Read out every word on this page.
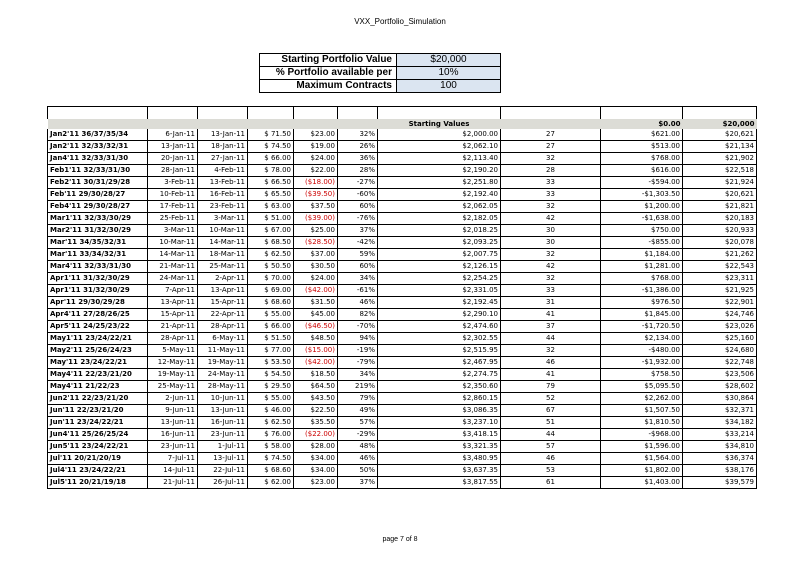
VXX_Portfolio_Simulation
Starting Portfolio Value	$20,000
% Portfolio available per	10%
Maximum Contracts	100

						Starting Values		$0.00	$20,000
Jan2'11 36/37/35/34	6-Jan-11	13-Jan-11	$ 71.50	$23.00	32%	$2,000.00	27	$621.00	$20,621
Jan2'11 32/33/32/31	13-Jan-11	18-Jan-11	$ 74.50	$19.00	26%	$2,062.10	27	$513.00	$21,134
Jan4'11 32/33/31/30	20-Jan-11	27-Jan-11	$ 66.00	$24.00	36%	$2,113.40	32	$768.00	$21,902
Feb1'11 32/33/31/30	28-Jan-11	4-Feb-11	$ 78.00	$22.00	28%	$2,190.20	28	$616.00	$22,518
Feb2'11 30/31/29/28	3-Feb-11	13-Feb-11	$ 66.50	($18.00)	-27%	$2,251.80	33	-$594.00	$21,924
Feb'11 29/30/28/27	10-Feb-11	16-Feb-11	$ 65.50	($39.50)	-60%	$2,192.40	33	-$1,303.50	$20,621
Feb4'11 29/30/28/27	17-Feb-11	23-Feb-11	$ 63.00	$37.50	60%	$2,062.05	32	$1,200.00	$21,821
Mar1'11 32/33/30/29	25-Feb-11	3-Mar-11	$ 51.00	($39.00)	-76%	$2,182.05	42	-$1,638.00	$20,183
Mar2'11 31/32/30/29	3-Mar-11	10-Mar-11	$ 67.00	$25.00	37%	$2,018.25	30	$750.00	$20,933
Mar'11 34/35/32/31	10-Mar-11	14-Mar-11	$ 68.50	($28.50)	-42%	$2,093.25	30	-$855.00	$20,078
Mar'11 33/34/32/31	14-Mar-11	18-Mar-11	$ 62.50	$37.00	59%	$2,007.75	32	$1,184.00	$21,262
Mar4'11 32/33/31/30	21-Mar-11	25-Mar-11	$ 50.50	$30.50	60%	$2,126.15	42	$1,281.00	$22,543
Apr1'11 31/32/30/29	24-Mar-11	2-Apr-11	$ 70.00	$24.00	34%	$2,254.25	32	$768.00	$23,311
Apr1'11 31/32/30/29	7-Apr-11	13-Apr-11	$ 69.00	($42.00)	-61%	$2,331.05	33	-$1,386.00	$21,925
Apr'11 29/30/29/28	13-Apr-11	15-Apr-11	$ 68.60	$31.50	46%	$2,192.45	31	$976.50	$22,901
Apr4'11 27/28/26/25	15-Apr-11	22-Apr-11	$ 55.00	$45.00	82%	$2,290.10	41	$1,845.00	$24,746
Apr5'11 24/25/23/22	21-Apr-11	28-Apr-11	$ 66.00	($46.50)	-70%	$2,474.60	37	-$1,720.50	$23,026
May1'11 23/24/22/21	28-Apr-11	6-May-11	$ 51.50	$48.50	94%	$2,302.55	44	$2,134.00	$25,160
May2'11 25/26/24/23	5-May-11	11-May-11	$ 77.00	($15.00)	-19%	$2,515.95	32	-$480.00	$24,680
May'11 23/24/22/21	12-May-11	19-May-11	$ 53.50	($42.00)	-79%	$2,467.95	46	-$1,932.00	$22,748
May4'11 22/23/21/20	19-May-11	24-May-11	$ 54.50	$18.50	34%	$2,274.75	41	$758.50	$23,506
May4'11 21/22/23	25-May-11	28-May-11	$ 29.50	$64.50	219%	$2,350.60	79	$5,095.50	$28,602
Jun2'11 22/23/21/20	2-Jun-11	10-Jun-11	$ 55.00	$43.50	79%	$2,860.15	52	$2,262.00	$30,864
Jun'11 22/23/21/20	9-Jun-11	13-Jun-11	$ 46.00	$22.50	49%	$3,086.35	67	$1,507.50	$32,371
Jun'11 23/24/22/21	13-Jun-11	16-Jun-11	$ 62.50	$35.50	57%	$3,237.10	51	$1,810.50	$34,182
Jun4'11 25/26/25/24	16-Jun-11	23-Jun-11	$ 76.00	($22.00)	-29%	$3,418.15	44	-$968.00	$33,214
Jun5'11 23/24/22/21	23-Jun-11	1-Jul-11	$ 58.00	$28.00	48%	$3,321.35	57	$1,596.00	$34,810
Jul'11 20/21/20/19	7-Jul-11	13-Jul-11	$ 74.50	$34.00	46%	$3,480.95	46	$1,564.00	$36,374
Jul4'11 23/24/22/21	14-Jul-11	22-Jul-11	$ 68.60	$34.00	50%	$3,637.35	53	$1,802.00	$38,176
Jul5'11 20/21/19/18	21-Jul-11	26-Jul-11	$ 62.00	$23.00	37%	$3,817.55	61	$1,403.00	$39,579
page 7 of 8
